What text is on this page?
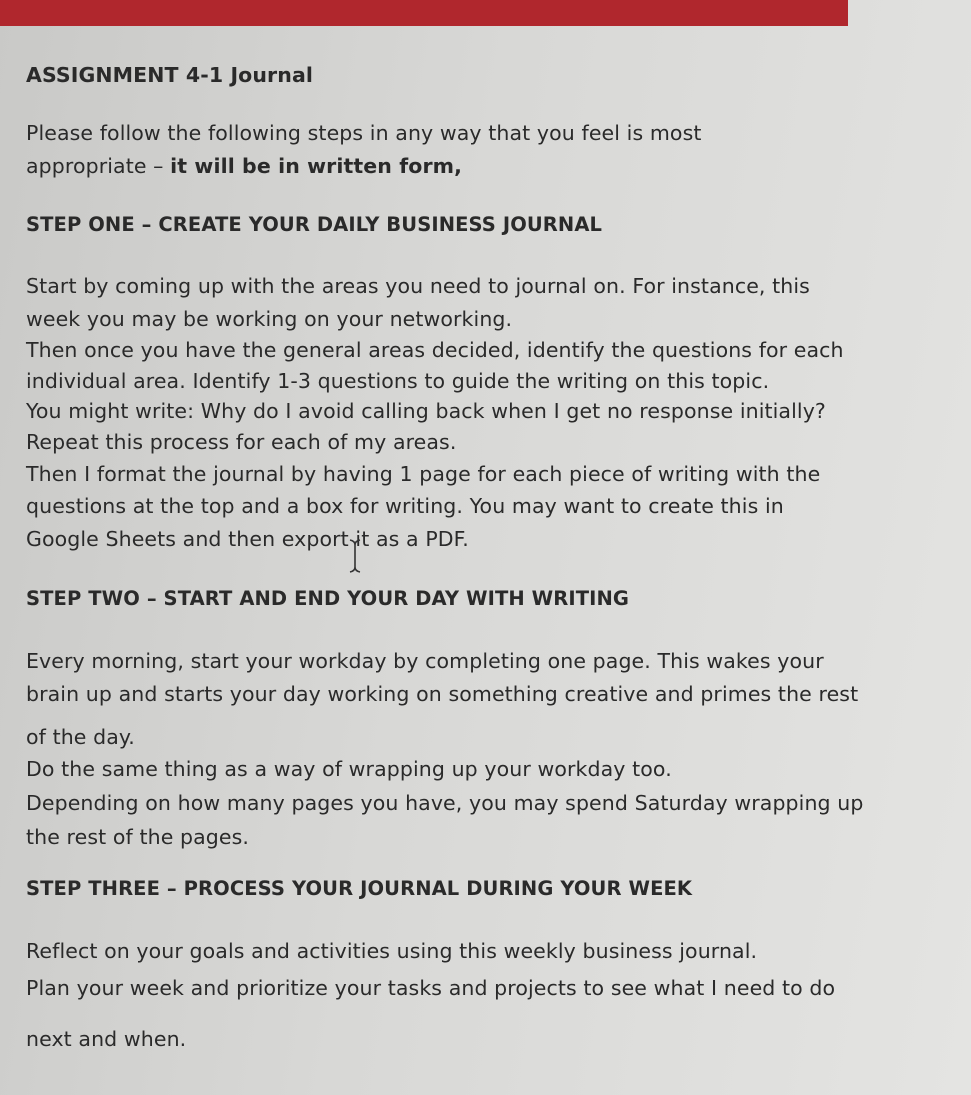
ASSIGNMENT 4-1 Journal
Please follow the following steps in any way that you feel is most
appropriate – it will be in written form,
STEP ONE – CREATE YOUR DAILY BUSINESS JOURNAL
Start by coming up with the areas you need to journal on. For instance, this
week you may be working on your networking.
Then once you have the general areas decided, identify the questions for each
individual area. Identify 1-3 questions to guide the writing on this topic.
You might write: Why do I avoid calling back when I get no response initially?
Repeat this process for each of my areas.
Then I format the journal by having 1 page for each piece of writing with the
questions at the top and a box for writing. You may want to create this in
Google Sheets and then export it as a PDF.
STEP TWO – START AND END YOUR DAY WITH WRITING
Every morning, start your workday by completing one page. This wakes your
brain up and starts your day working on something creative and primes the rest
of the day.
Do the same thing as a way of wrapping up your workday too.
Depending on how many pages you have, you may spend Saturday wrapping up
the rest of the pages.
STEP THREE – PROCESS YOUR JOURNAL DURING YOUR WEEK
Reflect on your goals and activities using this weekly business journal.
Plan your week and prioritize your tasks and projects to see what I need to do
next and when.
